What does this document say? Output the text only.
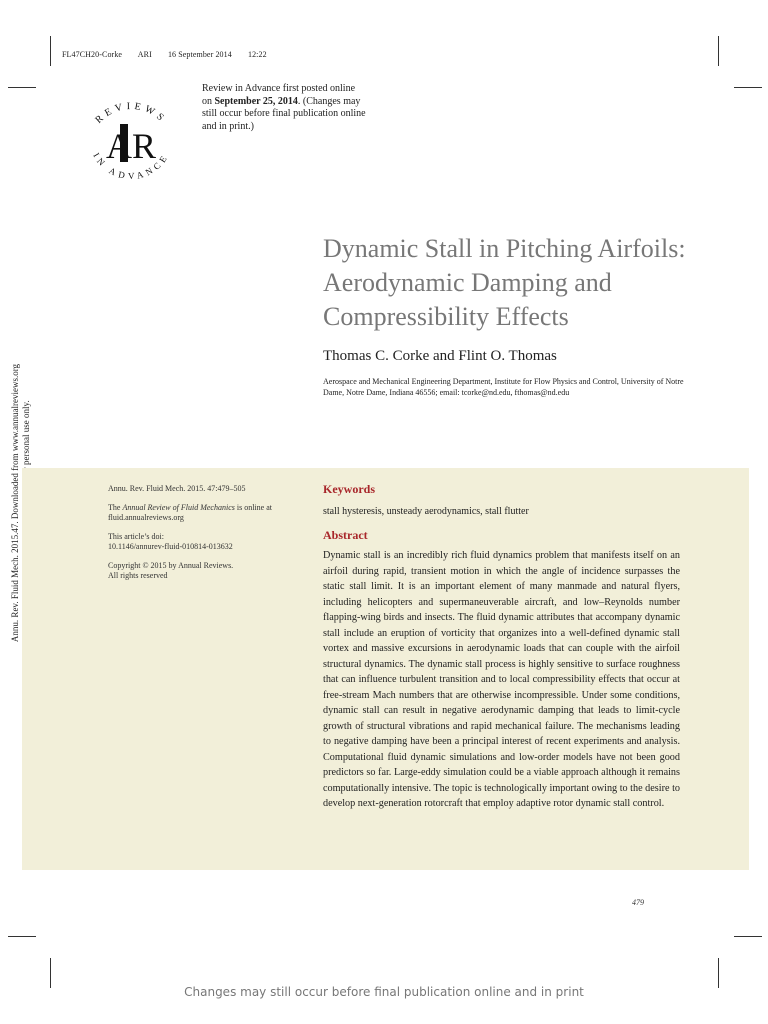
FL47CH20-Corke ARI 16 September 2014 12:22
REVIEWS
IN ADVANCE
AR
Review in Advance first posted online
on September 25, 2014. (Changes may still occur before final publication online and in print.)
Annu. Rev. Fluid Mech. 2015.47. Downloaded from www.annualreviews.org
Dynamic Stall in Pitching Airfoils: Aerodynamic Damping and Compressibility Effects
Thomas C. Corke and Flint O. Thomas
Aerospace and Mechanical Engineering Department, Institute for Flow Physics and Control, University of Notre Dame, Notre Dame, Indiana 46556; email: tcorke@nd.edu, fthomas@nd.edu

Annu. Rev. Fluid Mech. 2015. 47:479–505

The Annual Review of Fluid Mechanics is online at fluid.annualreviews.org

This article’s doi:
10.1146/annurev-fluid-010814-013632

Copyright © 2015 by Annual Reviews.
All rights reserved

Keywords
stall hysteresis, unsteady aerodynamics, stall flutter
Abstract
Dynamic stall is an incredibly rich fluid dynamics problem that manifests itself on an airfoil during rapid, transient motion in which the angle of incidence surpasses the static stall limit. It is an important element of many manmade and natural flyers, including helicopters and supermaneuverable aircraft, and low–Reynolds number flapping-wing birds and insects. The fluid dynamic attributes that accompany dynamic stall include an eruption of vorticity that organizes into a well-defined dynamic stall vortex and massive excursions in aerodynamic loads that can couple with the airfoil structural dynamics. The dynamic stall process is highly sensitive to surface roughness that can influence turbulent transition and to local compressibility effects that occur at free-stream Mach numbers that are otherwise incompressible. Under some conditions, dynamic stall can result in negative aerodynamic damping that leads to limit-cycle growth of structural vibrations and rapid mechanical failure. The mechanisms leading to negative damping have been a principal interest of recent experiments and analysis. Computational fluid dynamic simulations and low-order models have not been good predictors so far. Large-eddy simulation could be a viable approach although it remains computationally intensive. The topic is technologically important owing to the desire to develop next-generation rotorcraft that employ adaptive rotor dynamic stall control.
479
Changes may still occur before final publication online and in print
